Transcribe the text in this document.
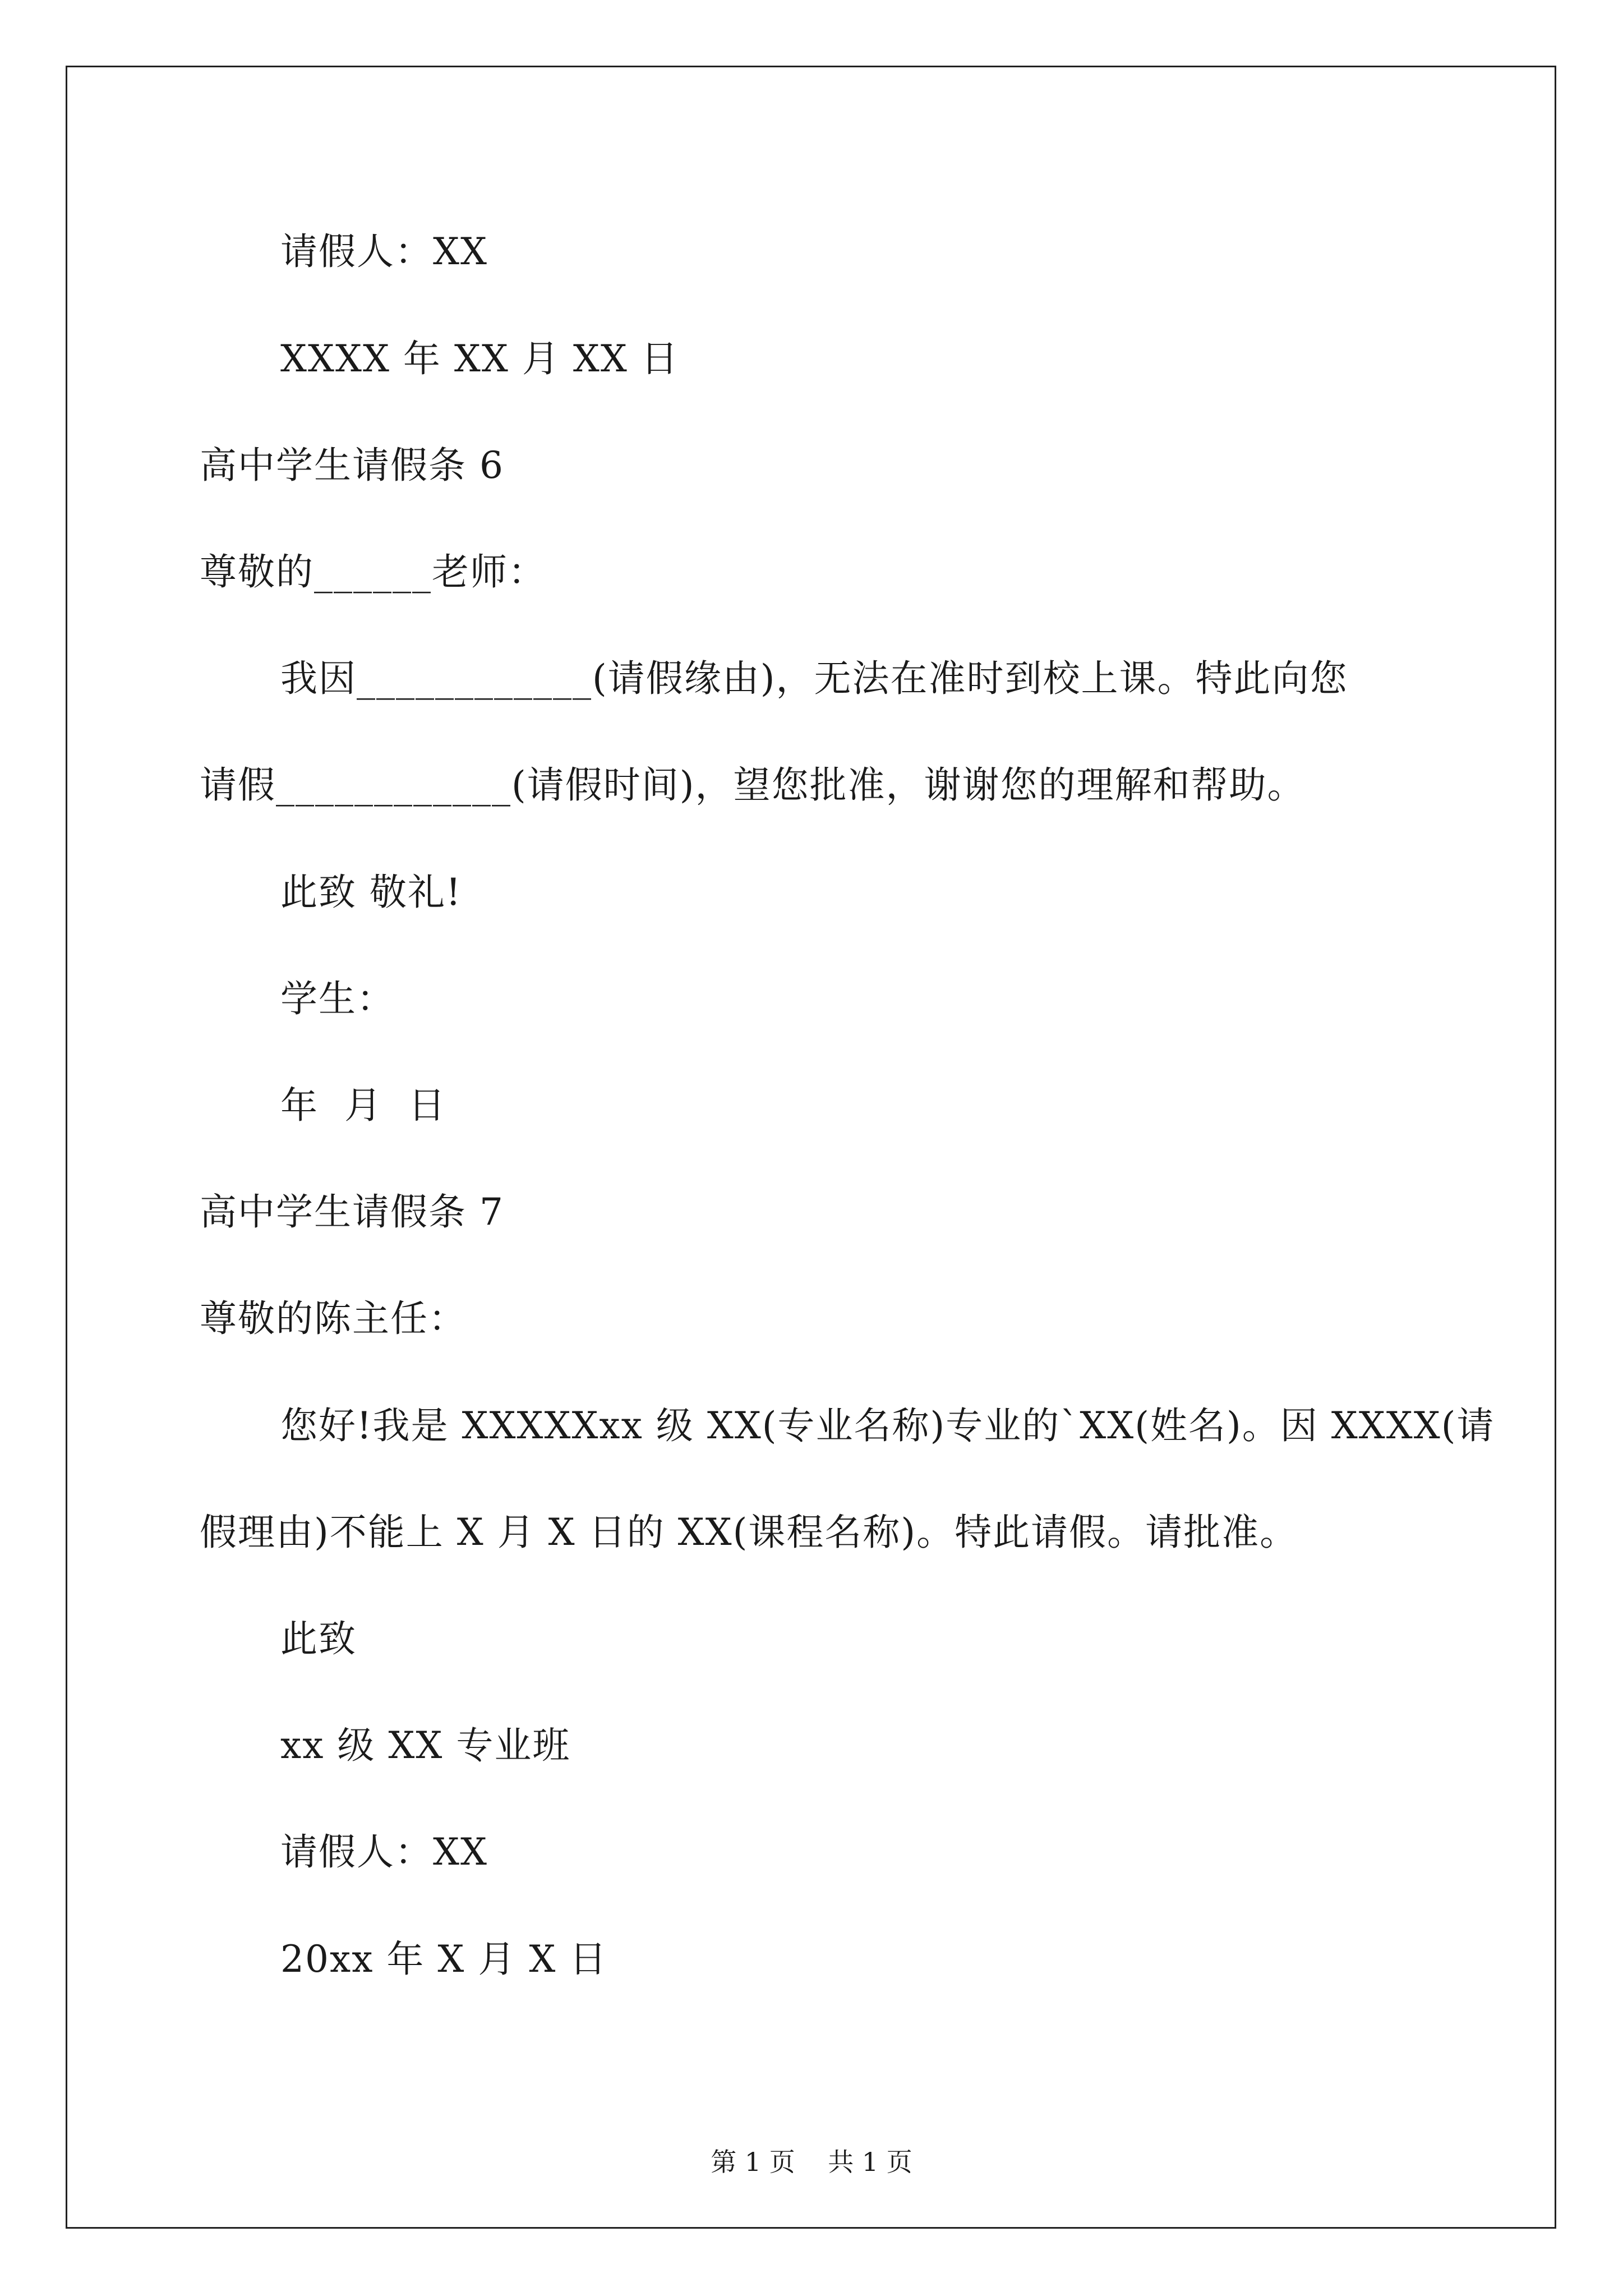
请假人：XX
XXXX 年 XX 月 XX 日
高中学生请假条 6
尊敬的______老师：
我因____________(请假缘由)，无法在准时到校上课。特此向您
请假____________(请假时间)，望您批准，谢谢您的理解和帮助。
此致 敬礼!
学生：
年  月  日
高中学生请假条 7
尊敬的陈主任：
您好!我是 XXXXXxx 级 XX(专业名称)专业的`XX(姓名)。因 XXXX(请
假理由)不能上 X 月 X 日的 XX(课程名称)。特此请假。请批准。
此致
xx 级 XX 专业班
请假人：XX
20xx 年 X 月 X 日
第 1 页    共 1 页
